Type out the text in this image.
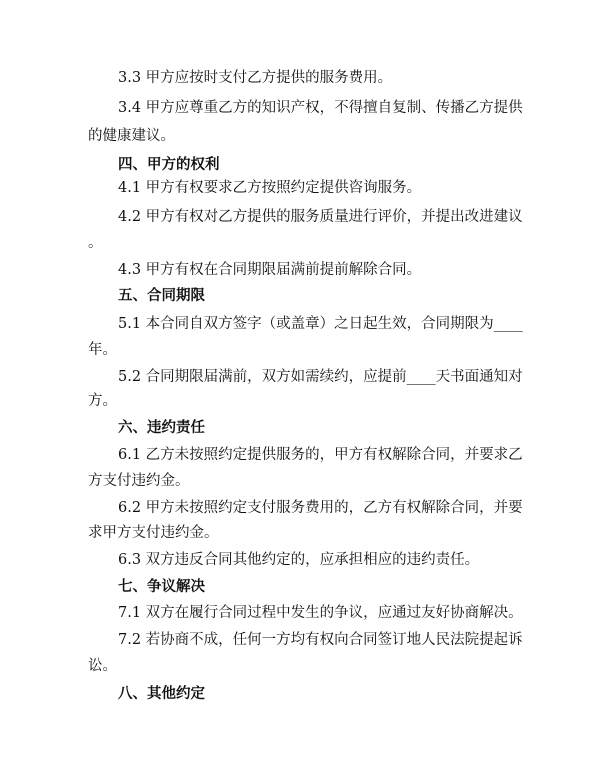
3.3 甲方应按时支付乙方提供的服务费用。
3.4 甲方应尊重乙方的知识产权，不得擅自复制、传播乙方提供
的健康建议。
四、甲方的权利
4.1 甲方有权要求乙方按照约定提供咨询服务。
4.2 甲方有权对乙方提供的服务质量进行评价，并提出改进建议
。
4.3 甲方有权在合同期限届满前提前解除合同。
五、合同期限
5.1 本合同自双方签字（或盖章）之日起生效，合同期限为____
年。
5.2 合同期限届满前，双方如需续约，应提前____天书面通知对
方。
六、违约责任
6.1 乙方未按照约定提供服务的，甲方有权解除合同，并要求乙
方支付违约金。
6.2 甲方未按照约定支付服务费用的，乙方有权解除合同，并要
求甲方支付违约金。
6.3 双方违反合同其他约定的，应承担相应的违约责任。
七、争议解决
7.1 双方在履行合同过程中发生的争议，应通过友好协商解决。
7.2 若协商不成，任何一方均有权向合同签订地人民法院提起诉
讼。
八、其他约定
